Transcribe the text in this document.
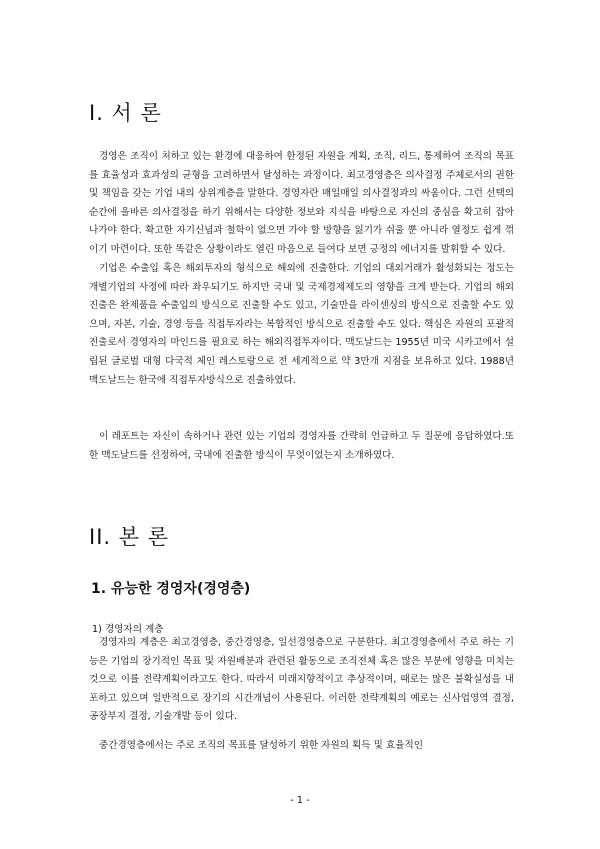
I. 서 론

경영은 조직이 처하고 있는 환경에 대응하여 한정된 자원을 계획, 조직, 리드, 통제하여 조직의 목표를 효율성과 효과성의 균형을 고려하면서 달성하는 과정이다. 최고경영층은 의사결정 주체로서의 권한 및 책임을 갖는 기업 내의 상위계층을 말한다. 경영자란 매일매일 의사결정과의 싸움이다. 그런 선택의 순간에 올바른 의사결정을 하기 위해서는 다양한 정보와 지식을 바탕으로 자신의 중심을 확고히 잡아 나가야 한다. 확고한 자기신념과 철학이 없으면 가야 할 방향을 잃기가 쉬울 뿐 아니라 열정도 쉽게 꺾이기 마련이다. 또한 똑같은 상황이라도 열린 마음으로 들여다 보면 긍정의 에너지를 발휘할 수 있다.

기업은 수출입 혹은 해외투자의 형식으로 해외에 진출한다. 기업의 대외거래가 활성화되는 정도는 개별기업의 사정에 따라 좌우되기도 하지만 국내 및 국제경제제도의 영향을 크게 받는다. 기업의 해외진출은 완제품을 수출입의 방식으로 진출할 수도 있고, 기술만을 라이센싱의 방식으로 진출할 수도 있으며, 자본, 기술, 경영 등을 직접투자라는 복합적인 방식으로 진출할 수도 있다. 핵심은 자원의 포괄적 진출로서 경영자의 마인드를 필요로 하는 해외직접투자이다. 맥도날드는 1955년 미국 시카고에서 설립된 글로벌 대형 다국적 체인 레스토랑으로 전 세계적으로 약 3만개 지점을 보유하고 있다. 1988년 맥도날드는 한국에 직접투자방식으로 진출하였다.

이 레포트는 자신이 속하거나 관련 있는 기업의 경영자를 간략히 언급하고 두 질문에 응답하였다.또한 맥도날드를 선정하여, 국내에 진출한 방식이 무엇이었는지 소개하였다.

II. 본 론
1. 유능한 경영자(경영층)

1) 경영자의 계층

경영자의 계층은 최고경영층, 중간경영층, 일선경영층으로 구분한다. 최고경영층에서 주로 하는 기능은 기업의 장기적인 목표 및 자원배분과 관련된 활동으로 조직전체 혹은 많은 부분에 영향을 미치는 것으로 이를 전략계획이라고도 한다. 따라서 미래지향적이고 추상적이며, 때로는 많은 불확실성을 내포하고 있으며 일반적으로 장기의 시간개념이 사용된다. 이러한 전략계획의 예로는 신사업영역 결정, 공장부지 결정, 기술개발 등이 있다.

중간경영층에서는 주로 조직의 목표를 달성하기 위한 자원의 획득 및 효율적인

- 1 -
